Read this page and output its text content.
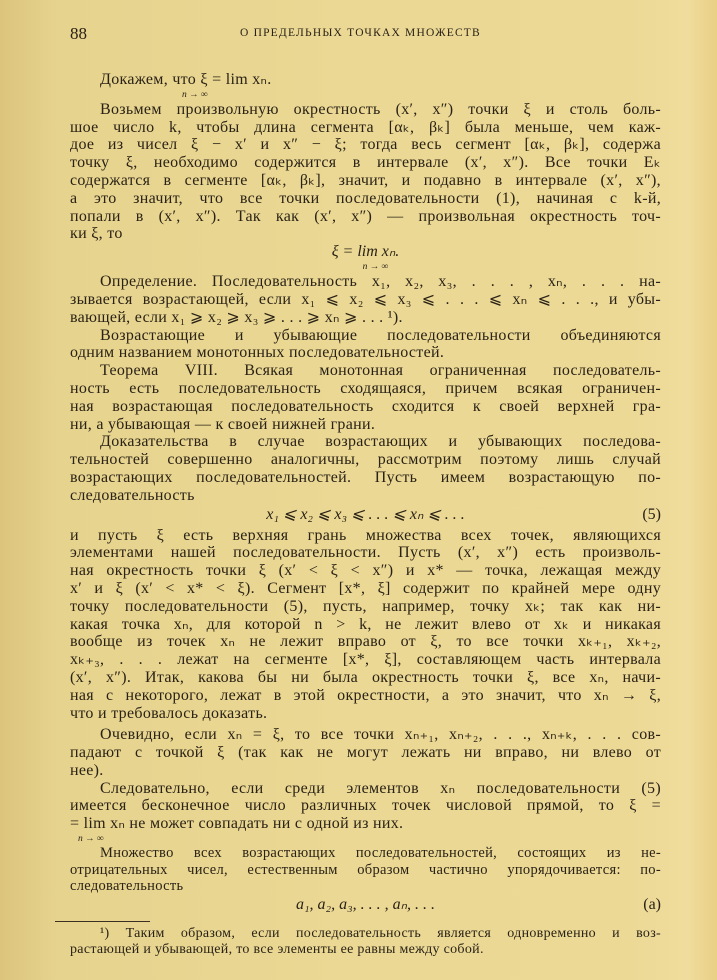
88	О ПРЕДЕЛЬНЫХ ТОЧКАХ МНОЖЕСТВ
Докажем, что ξ = lim xₙ.
n → ∞
Возьмем произвольную окрестность (x′, x″) точки ξ и столь боль-
шое число k, чтобы длина сегмента [αₖ, βₖ] была меньше, чем каж-
дое из чисел ξ − x′ и x″ − ξ; тогда весь сегмент [αₖ, βₖ], содержа
точку ξ, необходимо содержится в интервале (x′, x″). Все точки Eₖ
содержатся в сегменте [αₖ, βₖ], значит, и подавно в интервале (x′, x″),
а это значит, что все точки последовательности (1), начиная с k-й,
попали в (x′, x″). Так как (x′, x″) — произвольная окрестность точ-
ки ξ, то
ξ = lim xₙ.
n → ∞
Определение. Последовательность x₁, x₂, x₃, . . . , xₙ, . . . на-
зывается возрастающей, если x₁ ⩽ x₂ ⩽ x₃ ⩽ . . . ⩽ xₙ ⩽ . . ., и убы-
вающей, если x₁ ⩾ x₂ ⩾ x₃ ⩾ . . . ⩾ xₙ ⩾ . . . ¹).
Возрастающие и убывающие последовательности объединяются
одним названием монотонных последовательностей.
Теорема VIII. Всякая монотонная ограниченная последователь-
ность есть последовательность сходящаяся, причем всякая ограничен-
ная возрастающая последовательность сходится к своей верхней гра-
ни, а убывающая — к своей нижней грани.
Доказательства в случае возрастающих и убывающих последова-
тельностей совершенно аналогичны, рассмотрим поэтому лишь случай
возрастающих последовательностей. Пусть имеем возрастающую по-
следовательность
x₁ ⩽ x₂ ⩽ x₃ ⩽ . . . ⩽ xₙ ⩽ . . .	(5)
и пусть ξ есть верхняя грань множества всех точек, являющихся
элементами нашей последовательности. Пусть (x′, x″) есть произволь-
ная окрестность точки ξ (x′ < ξ < x″) и x* — точка, лежащая между
x′ и ξ (x′ < x* < ξ). Сегмент [x*, ξ] содержит по крайней мере одну
точку последовательности (5), пусть, например, точку xₖ; так как ни-
какая точка xₙ, для которой n > k, не лежит влево от xₖ и никакая
вообще из точек xₙ не лежит вправо от ξ, то все точки xₖ₊₁, xₖ₊₂,
xₖ₊₃, . . . лежат на сегменте [x*, ξ], составляющем часть интервала
(x′, x″). Итак, какова бы ни была окрестность точки ξ, все xₙ, начи-
ная с некоторого, лежат в этой окрестности, а это значит, что xₙ → ξ,
что и требовалось доказать.
Очевидно, если xₙ = ξ, то все точки xₙ₊₁, xₙ₊₂, . . ., xₙ₊ₖ, . . . сов-
падают с точкой ξ (так как не могут лежать ни вправо, ни влево от
нее).
Следовательно, если среди элементов xₙ последовательности (5)
имеется бесконечное число различных точек числовой прямой, то ξ =
= lim xₙ не может совпадать ни с одной из них.
n → ∞
Множество всех возрастающих последовательностей, состоящих из не-
отрицательных чисел, естественным образом частично упорядочивается: по-
следовательность
a₁, a₂, a₃, . . . , aₙ, . . .	(a)
¹) Таким образом, если последовательность является одновременно и воз-
растающей и убывающей, то все элементы ее равны между собой.
